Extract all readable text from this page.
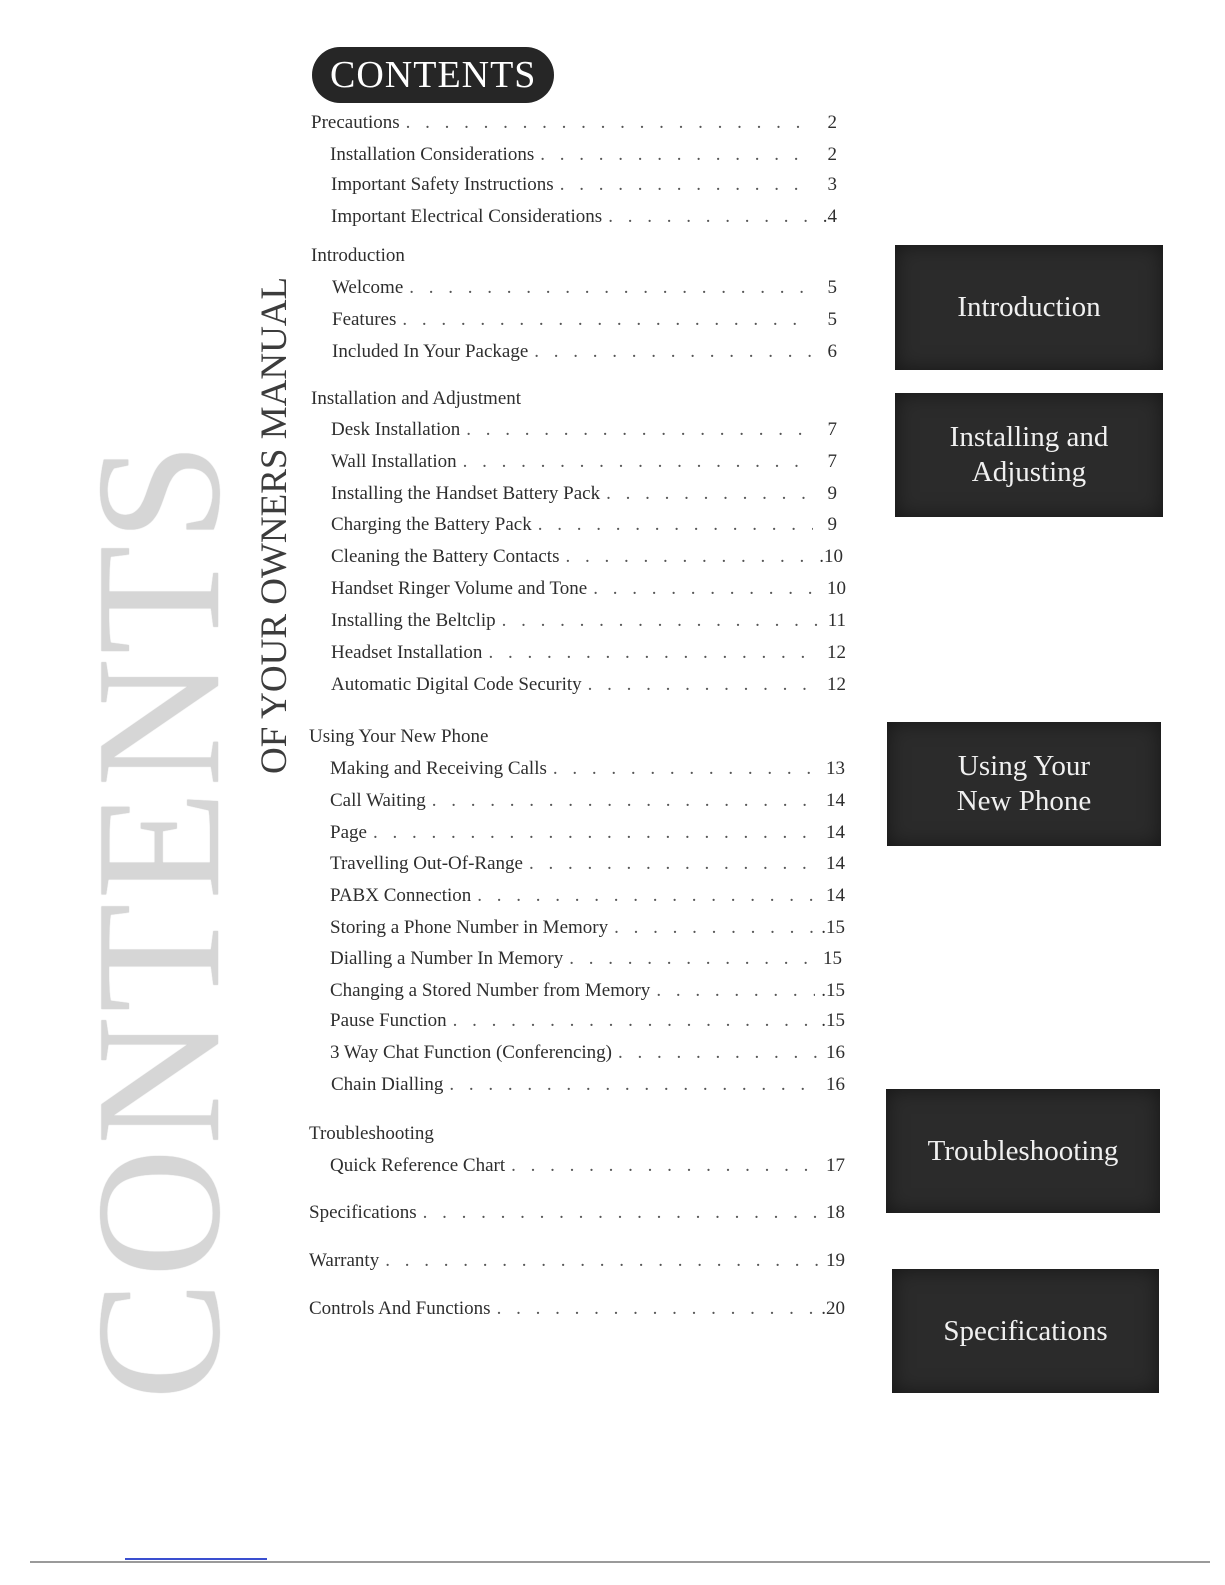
CONTENTS
OF YOUR OWNERS MANUAL
CONTENTS
Precautions . . .	2
Installation Considerations . . .	2
Important Safety Instructions . . .	3
Important Electrical Considerations . . .	.4
Introduction
Welcome . . .	5
Features . . .	5
Included In Your Package . . .	6
Installation and Adjustment
Desk Installation . . .	7
Wall Installation . . .	7
Installing the Handset Battery Pack . . .	9
Charging the Battery Pack . . .	9
Cleaning the Battery Contacts . . .	.10
Handset Ringer Volume and Tone . . .	10
Installing the Beltclip . . .	11
Headset Installation . . .	12
Automatic Digital Code Security . . .	12
Using Your New Phone
Making and Receiving Calls . . .	13
Call Waiting . . .	14
Page . . .	14
Travelling Out-Of-Range . . .	14
PABX Connection . . .	14
Storing a Phone Number in Memory . . .	.15
Dialling a Number In Memory . . .	15
Changing a Stored Number from Memory . . .	.15
Pause Function . . .	.15
3 Way Chat Function (Conferencing) . . .	16
Chain Dialling . . .	16
Troubleshooting
Quick Reference Chart . . .	17
Specifications . . .	18
Warranty . . .	19
Controls And Functions . . .	.20
Introduction
Installing and
Adjusting
Using Your
New Phone
Troubleshooting
Specifications
